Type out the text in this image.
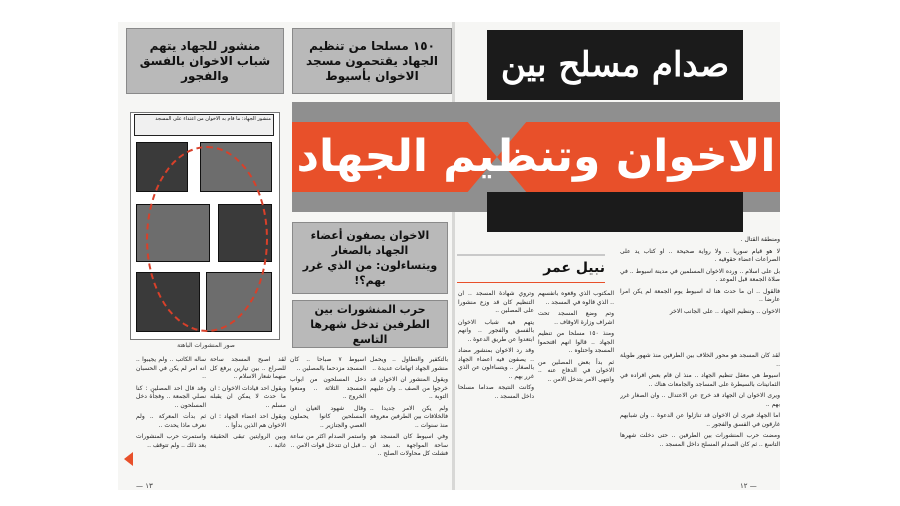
صدام مسلح بين
الاخوان وتنظيم الجهاد
منشور للجهاد يتهم شباب الاخوان بالفسق والفجور
١٥٠ مسلحا من تنظيم الجهاد يقتحمون مسجد الاخوان بأسيوط
الاخوان يصفون أعضاء الجهاد بالصغار ويتساءلون: من الذي غرر بهم؟!
حرب المنشورات بين الطرفين تدخل شهرها التاسع
منشور الجهاد: ما قام به الاخوان من اعتداء على المسجد
صور المنشورات الباهتة
نبيل عمر

ومنطقة القتال .

لا هو قيام سوريا .. ولا رواية صحيحة .. او كتاب يد على الصراعات اعضاء حقوقيه .

بل على اسلام .. ورده الاخوان المسلمين في مدينة اسيوط .. في صلاة الجمعة قبل الموعد .

فالقول .. ان ما حدث هنا له اسيوط يوم الجمعة لم يكن امرا عارضا ..

الاخوان .. وتنظيم الجهاد .. على الجانب الاخر

لقد كان المسجد هو محور الخلاف بين الطرفين منذ شهور طويلة ..

اسيوط هي معقل تنظيم الجهاد .. منذ ان قام بعض افراده في الثمانينات بالسيطرة على المساجد والجامعات هناك ..

ويرى الاخوان ان الجهاد قد خرج عن الاعتدال .. وان الصغار غرر بهم ..

اما الجهاد فيرى ان الاخوان قد تنازلوا عن الدعوة .. وان شبابهم غارقون في الفسق والفجور ..

ومضت حرب المنشورات بين الطرفين .. حتى دخلت شهرها التاسع .. ثم كان الصدام المسلح داخل المسجد ..

المكتوب الذي وقعوه بأنفسهم .. الذي قالوه في المسجد ..

وتم وضع المسجد تحت اشراف وزارة الاوقاف ..

ومنذ ١٥٠ مسلحا من تنظيم الجهاد .. قالوا انهم اقتحموا المسجد واحتلوه ..

ثم بدأ بعض المصلين من الاخوان في الدفاع عنه .. وانتهى الامر بتدخل الامن ..

وتروي شهادة المسجد .. ان التنظيم كان قد وزع منشورا على المصلين ..

يتهم فيه شباب الاخوان بالفسق والفجور .. وانهم ابتعدوا عن طريق الدعوة ..

وقد رد الاخوان بمنشور مضاد .. يصفون فيه اعضاء الجهاد بالصغار .. ويتساءلون عن الذي غرر بهم ..

وكانت النتيجة صداما مسلحا داخل المسجد ..

بالتكفير والتطاول .. ويحمل منشور الجهاد اتهامات عديدة ..

ويقول المنشور ان الاخوان قد خرجوا من الصف .. وان عليهم التوبة ..

ولم يكن الامر جديدا .. فالخلافات بين الطرفين معروفة منذ سنوات ..

وفي اسيوط كان المسجد هو ساحة المواجهة .. بعد ان فشلت كل محاولات الصلح ..

اسيوط ٧ صباحا .. كان المسجد مزدحما بالمصلين ..

دخل المسلحون من ابواب المسجد الثلاثة .. ومنعوا الخروج ..

وقال شهود العيان ان المسلحين كانوا يحملون العصي والجنازير ..

واستمر الصدام اكثر من ساعة .. قبل ان تتدخل قوات الامن ..

لقد اصبح المسجد ساحة للصراع .. بين تيارين يرفع كل منهما شعار الاسلام ..

ويقول احد قيادات الاخوان : ان ما حدث لا يمكن ان يقبله مسلم ..

ويقول احد اعضاء الجهاد : ان الاخوان هم الذين بدأوا ..

وبين الروايتين تبقى الحقيقة غائبة ..

سأله الكاتب .. ولم يجيبوا .. انه امر لم يكن في الحسبان ..

وقد قال احد المصلين : كنا نصلي الجمعة .. وفجأة دخل المسلحون ..

ثم بدأت المعركة .. ولم نعرف ماذا يحدث ..

واستمرت حرب المنشورات بعد ذلك .. ولم تتوقف ..

١٣ —	— ١٢
